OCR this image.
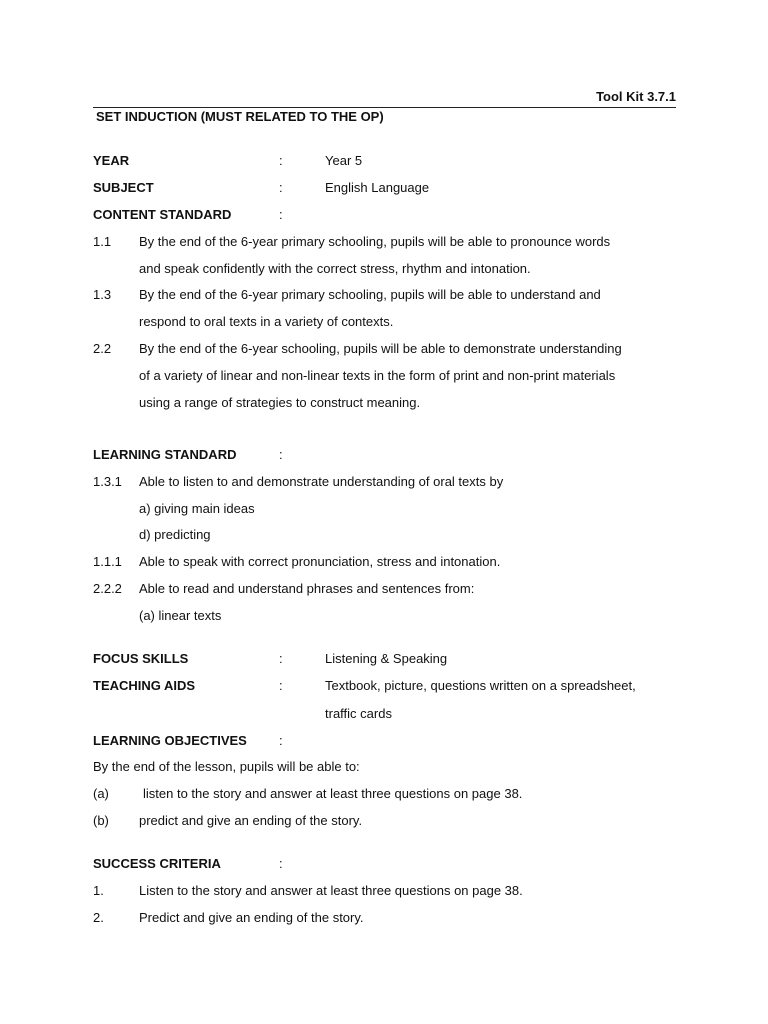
Tool Kit 3.7.1
SET INDUCTION (MUST RELATED TO THE OP)
YEAR	:	Year 5
SUBJECT	:	English Language
CONTENT STANDARD	:
1.1 By the end of the 6-year primary schooling, pupils will be able to pronounce words
and speak confidently with the correct stress, rhythm and intonation.
1.3 By the end of the 6-year primary schooling, pupils will be able to understand and
respond to oral texts in a variety of contexts.
2.2 By the end of the 6-year schooling, pupils will be able to demonstrate understanding
of a variety of linear and non-linear texts in the form of print and non-print materials
using a range of strategies to construct meaning.
LEARNING STANDARD	:
1.3.1 Able to listen to and demonstrate understanding of oral texts by
a) giving main ideas
d) predicting
1.1.1 Able to speak with correct pronunciation, stress and intonation.
2.2.2 Able to read and understand phrases and sentences from:
(a) linear texts
FOCUS SKILLS	:	Listening & Speaking
TEACHING AIDS	:	Textbook, picture, questions written on a spreadsheet,
traffic cards
LEARNING OBJECTIVES :
By the end of the lesson, pupils will be able to:
(a)	listen to the story and answer at least three questions on page 38.
(b) predict and give an ending of the story.
SUCCESS CRITERIA	:
1.	Listen to the story and answer at least three questions on page 38.
2.	Predict and give an ending of the story.
